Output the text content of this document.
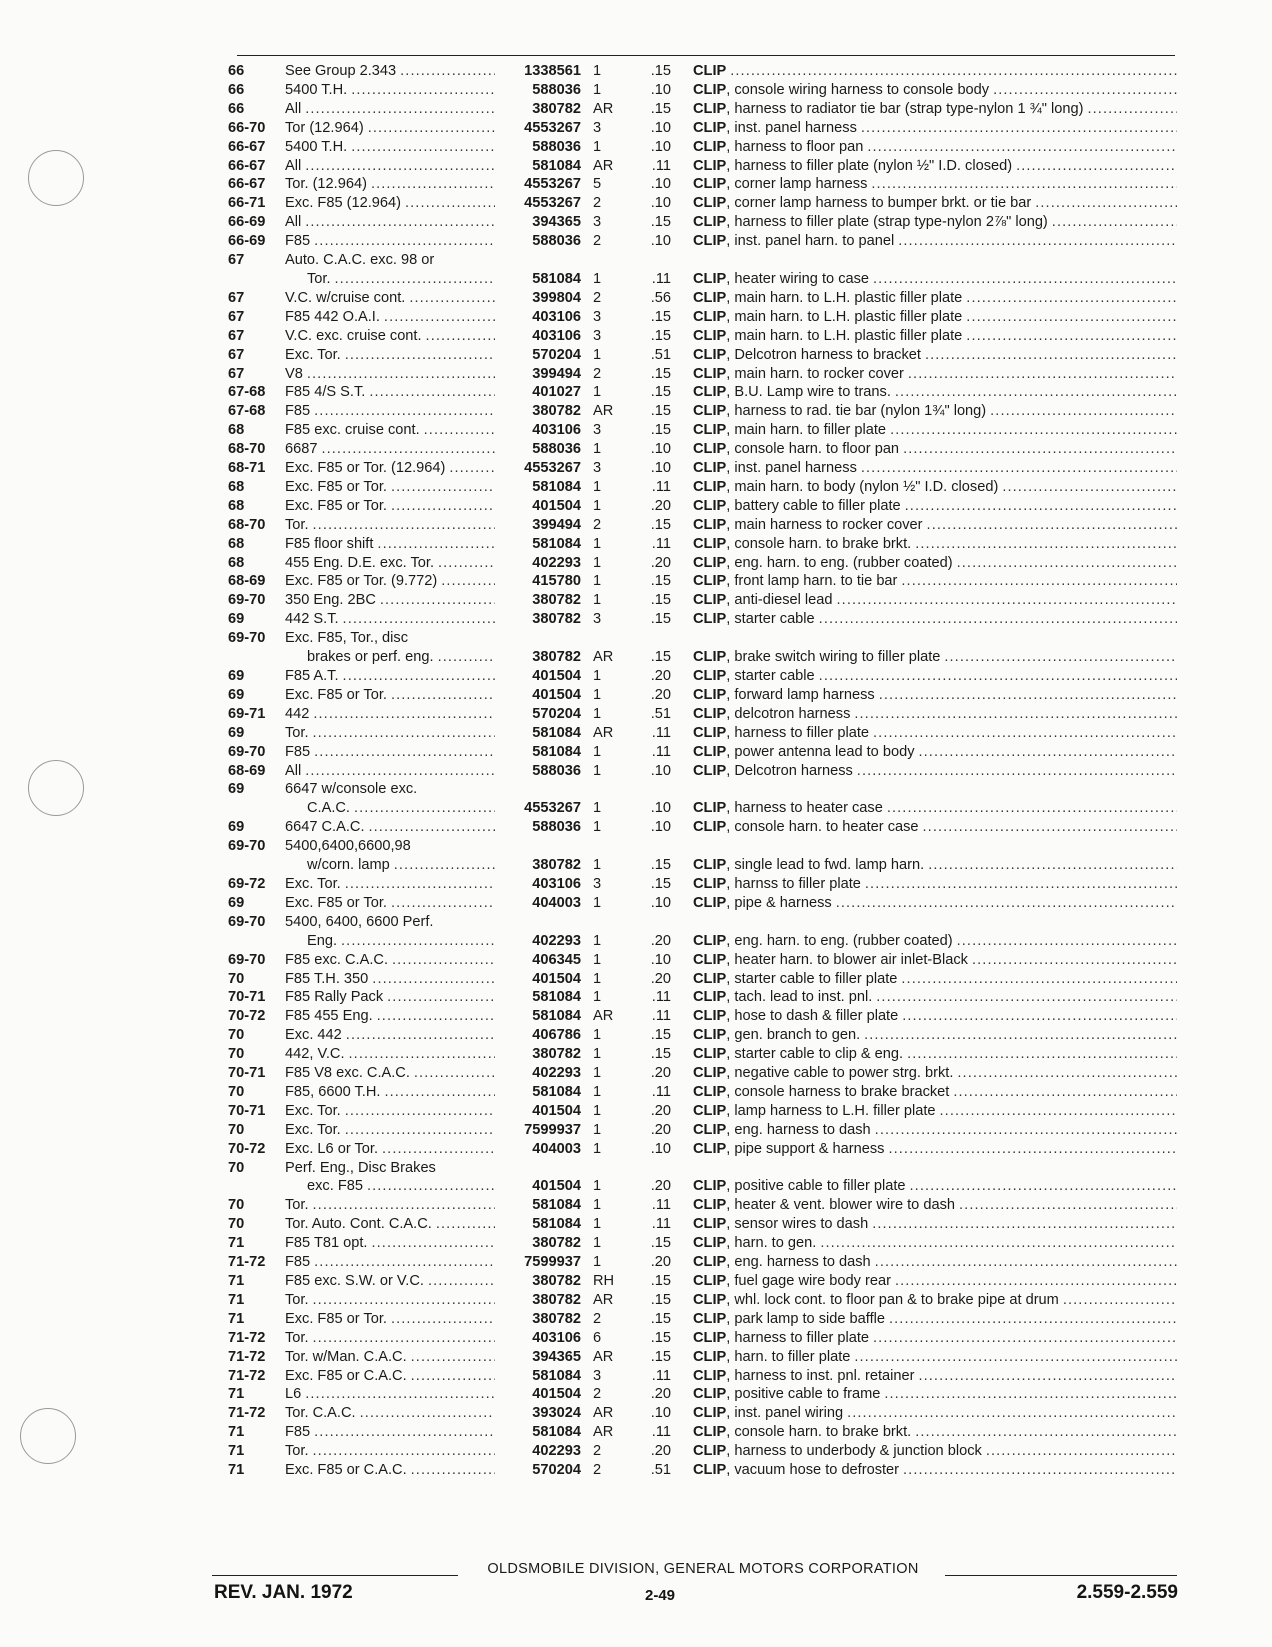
66	See Group 2.343 .....	1338561 1	.15	CLIP
.....
66	5400 T.H. .....	588036 1	.10	CLIP, console wiring harness to console body
.....
66	All .....	380782 AR	.15	CLIP, harness to radiator tie bar (strap type-nylon 1 ¾" long)
.....
66-70	Tor (12.964) .....	4553267 3	.10	CLIP, inst. panel harness
.....
66-67	5400 T.H. .....	588036 1	.10	CLIP, harness to floor pan
.....
66-67	All .....	581084 AR	.11	CLIP, harness to filler plate (nylon ½" I.D. closed)
.....
66-67	Tor. (12.964) .....	4553267 5	.10	CLIP, corner lamp harness
.....
66-71	Exc. F85 (12.964) .....	4553267 2	.10	CLIP, corner lamp harness to bumper brkt. or tie bar
.....
66-69	All .....	394365 3	.15	CLIP, harness to filler plate (strap type-nylon 2⅞" long)
.....
66-69	F85 .....	588036 2	.10	CLIP, inst. panel harn. to panel
.....
67	Auto. C.A.C. exc. 98 or
Tor. .....	581084 1	.11	CLIP, heater wiring to case
.....
67	V.C. w/cruise cont. .....	399804 2	.56	CLIP, main harn. to L.H. plastic filler plate
.....
67	F85 442 O.A.I. .....	403106 3	.15	CLIP, main harn. to L.H. plastic filler plate
.....
67	V.C. exc. cruise cont. .....	403106 3	.15	CLIP, main harn. to L.H. plastic filler plate
.....
67	Exc. Tor. .....	570204 1	.51	CLIP, Delcotron harness to bracket
.....
67	V8 .....	399494 2	.15	CLIP, main harn. to rocker cover
.....
67-68	F85 4/S S.T. .....	401027 1	.15	CLIP, B.U. Lamp wire to trans.
.....
67-68	F85 .....	380782 AR	.15	CLIP, harness to rad. tie bar (nylon 1¾" long)
.....
68	F85 exc. cruise cont. .....	403106 3	.15	CLIP, main harn. to filler plate
.....
68-70	6687 .....	588036 1	.10	CLIP, console harn. to floor pan
.....
68-71	Exc. F85 or Tor. (12.964) .....	4553267 3	.10	CLIP, inst. panel harness
.....
68	Exc. F85 or Tor. .....	581084 1	.11	CLIP, main harn. to body (nylon ½" I.D. closed)
.....
68	Exc. F85 or Tor. .....	401504 1	.20	CLIP, battery cable to filler plate
.....
68-70	Tor. .....	399494 2	.15	CLIP, main harness to rocker cover
.....
68	F85 floor shift .....	581084 1	.11	CLIP, console harn. to brake brkt.
.....
68	455 Eng. D.E. exc. Tor. .....	402293 1	.20	CLIP, eng. harn. to eng. (rubber coated)
.....
68-69	Exc. F85 or Tor. (9.772) .....	415780 1	.15	CLIP, front lamp harn. to tie bar
.....
69-70	350 Eng. 2BC .....	380782 1	.15	CLIP, anti-diesel lead
.....
69	442 S.T. .....	380782 3	.15	CLIP, starter cable
.....
69-70	Exc. F85, Tor., disc
brakes or perf. eng. .....	380782 AR	.15	CLIP, brake switch wiring to filler plate
.....
69	F85 A.T. .....	401504 1	.20	CLIP, starter cable
.....
69	Exc. F85 or Tor. .....	401504 1	.20	CLIP, forward lamp harness
.....
69-71	442 .....	570204 1	.51	CLIP, delcotron harness
.....
69	Tor. .....	581084 AR	.11	CLIP, harness to filler plate
.....
69-70	F85 .....	581084 1	.11	CLIP, power antenna lead to body
.....
68-69	All .....	588036 1	.10	CLIP, Delcotron harness
.....
69	6647 w/console exc.
C.A.C. .....	4553267 1	.10	CLIP, harness to heater case
.....
69	6647 C.A.C. .....	588036 1	.10	CLIP, console harn. to heater case
.....
69-70	5400,6400,6600,98
w/corn. lamp .....	380782 1	.15	CLIP, single lead to fwd. lamp harn.
.....
69-72	Exc. Tor. .....	403106 3	.15	CLIP, harnss to filler plate
.....
69	Exc. F85 or Tor. .....	404003 1	.10	CLIP, pipe & harness
.....
69-70	5400, 6400, 6600 Perf.
Eng. .....	402293 1	.20	CLIP, eng. harn. to eng. (rubber coated)
.....
69-70	F85 exc. C.A.C. .....	406345 1	.10	CLIP, heater harn. to blower air inlet-Black
.....
70	F85 T.H. 350 .....	401504 1	.20	CLIP, starter cable to filler plate
.....
70-71	F85 Rally Pack .....	581084 1	.11	CLIP, tach. lead to inst. pnl.
.....
70-72	F85 455 Eng. .....	581084 AR	.11	CLIP, hose to dash & filler plate
.....
70	Exc. 442 .....	406786 1	.15	CLIP, gen. branch to gen.
.....
70	442, V.C. .....	380782 1	.15	CLIP, starter cable to clip & eng.
.....
70-71	F85 V8 exc. C.A.C. .....	402293 1	.20	CLIP, negative cable to power strg. brkt.
.....
70	F85, 6600 T.H. .....	581084 1	.11	CLIP, console harness to brake bracket
.....
70-71	Exc. Tor. .....	401504 1	.20	CLIP, lamp harness to L.H. filler plate
.....
70	Exc. Tor. .....	7599937 1	.20	CLIP, eng. harness to dash
.....
70-72	Exc. L6 or Tor. .....	404003 1	.10	CLIP, pipe support & harness
.....
70	Perf. Eng., Disc Brakes
exc. F85 .....	401504 1	.20	CLIP, positive cable to filler plate
.....
70	Tor. .....	581084 1	.11	CLIP, heater & vent. blower wire to dash
.....
70	Tor. Auto. Cont. C.A.C. .....	581084 1	.11	CLIP, sensor wires to dash
.....
71	F85 T81 opt. .....	380782 1	.15	CLIP, harn. to gen.
.....
71-72	F85 .....	7599937 1	.20	CLIP, eng. harness to dash
.....
71	F85 exc. S.W. or V.C. .....	380782 RH	.15	CLIP, fuel gage wire body rear
.....
71	Tor. .....	380782 AR	.15	CLIP, whl. lock cont. to floor pan & to brake pipe at drum
.....
71	Exc. F85 or Tor. .....	380782 2	.15	CLIP, park lamp to side baffle
.....
71-72	Tor. .....	403106 6	.15	CLIP, harness to filler plate
.....
71-72	Tor. w/Man. C.A.C. .....	394365 AR	.15	CLIP, harn. to filler plate
.....
71-72	Exc. F85 or C.A.C. .....	581084 3	.11	CLIP, harness to inst. pnl. retainer
.....
71	L6 .....	401504 2	.20	CLIP, positive cable to frame
.....
71-72	Tor. C.A.C. .....	393024 AR	.10	CLIP, inst. panel wiring
.....
71	F85 .....	581084 AR	.11	CLIP, console harn. to brake brkt.
.....
71	Tor. .....	402293 2	.20	CLIP, harness to underbody & junction block
.....
71	Exc. F85 or C.A.C. .....	570204 2	.51	CLIP, vacuum hose to defroster
.....
OLDSMOBILE DIVISION, GENERAL MOTORS CORPORATION
REV. JAN. 1972	2-49	2.559-2.559
